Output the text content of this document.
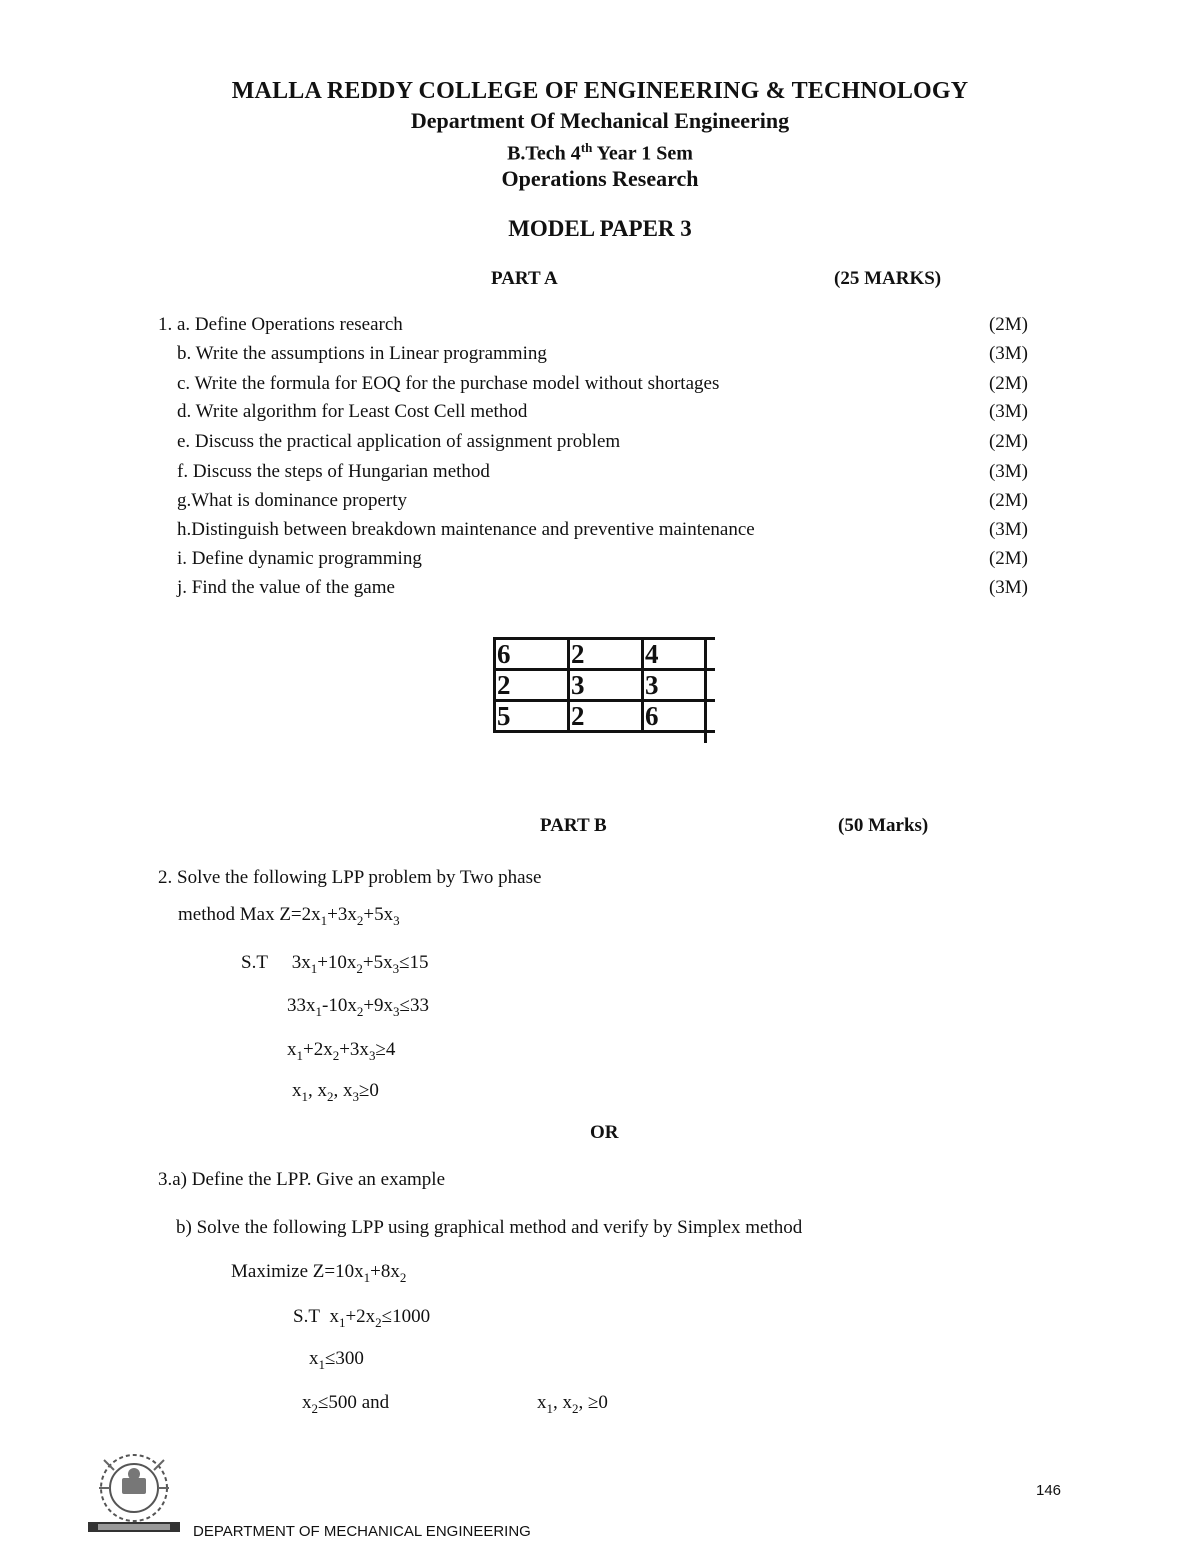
MALLA REDDY COLLEGE OF ENGINEERING & TECHNOLOGY
Department Of Mechanical Engineering
B.Tech 4th Year 1 Sem
Operations Research
MODEL PAPER 3
PART A	(25 MARKS)
1. a. Define Operations research	(2M)
b. Write the assumptions in Linear programming	(3M)
c. Write the formula for EOQ for the purchase model without shortages	(2M)
d. Write algorithm for Least Cost Cell method	(3M)
e. Discuss the practical application of assignment problem	(2M)
f. Discuss the steps of Hungarian method	(3M)
g.What is dominance property	(2M)
h.Distinguish between breakdown maintenance and preventive maintenance	(3M)
i. Define dynamic programming	(2M)
j. Find the value of the game	(3M)
6	2	4
2	3	3
5	2	6
PART B	(50 Marks)
2. Solve the following LPP problem by Two phase
method Max $Z=2x_1+3x_2+5x_3$
S.T     $3x_1+10x_2+5x_3\le 15$
$33x_1-10x_2+9x_3\le 33$
$x_1+2x_2+3x_3\ge 4$
$x_1$, $x_2$, $x_3\ge 0$
OR
3.a) Define the LPP. Give an example
b) Solve the following LPP using graphical method and verify by Simplex method
Maximize $Z=10x_1+8x_2$
S.T  $x_1+2x_2\le 1000$
$x_1\le 300$
$x_2\le 500$ and	$x_1$, $x_2$, ≥0
146
DEPARTMENT OF MECHANICAL ENGINEERING
